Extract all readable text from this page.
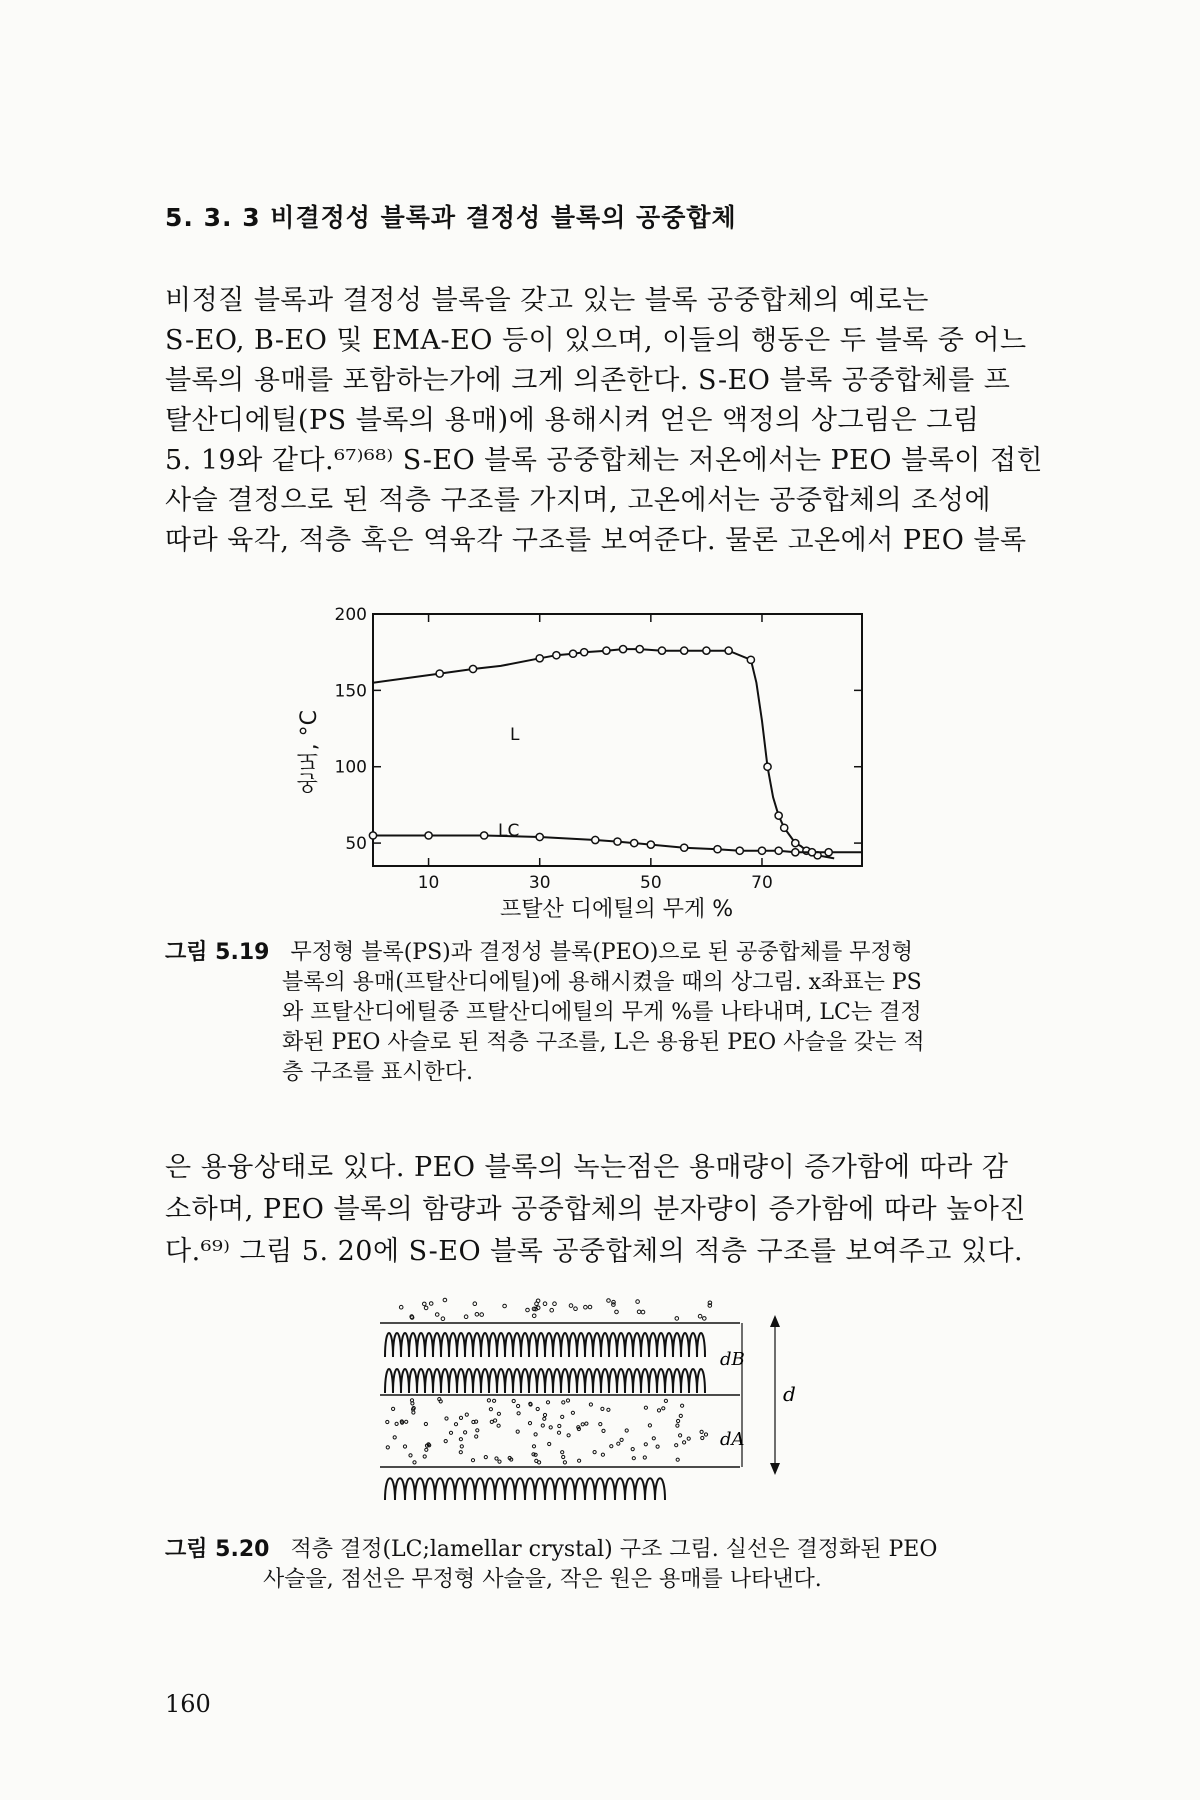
5. 3. 3 비결정성 블록과 결정성 블록의 공중합체
비정질 블록과 결정성 블록을 갖고 있는 블록 공중합체의 예로는
S-EO, B-EO 및 EMA-EO 등이 있으며, 이들의 행동은 두 블록 중 어느
블록의 용매를 포함하는가에 크게 의존한다. S-EO 블록 공중합체를 프
탈산디에틸(PS 블록의 용매)에 용해시켜 얻은 액정의 상그림은 그림
5. 19와 같다.⁶⁷⁾⁶⁸⁾ S-EO 블록 공중합체는 저온에서는 PEO 블록이 접힌
사슬 결정으로 된 적층 구조를 가지며, 고온에서는 공중합체의 조성에
따라 육각, 적층 혹은 역육각 구조를 보여준다. 물론 고온에서 PEO 블록
10	30	50	70
50
100
150
200
L
LC
온도, °C
프탈산 디에틸의 무게 %
그림 5.19 무정형 블록(PS)과 결정성 블록(PEO)으로 된 공중합체를 무정형
블록의 용매(프탈산디에틸)에 용해시켰을 때의 상그림. x좌표는 PS
와 프탈산디에틸중 프탈산디에틸의 무게 %를 나타내며, LC는 결정
화된 PEO 사슬로 된 적층 구조를, L은 용융된 PEO 사슬을 갖는 적
층 구조를 표시한다.
은 용융상태로 있다. PEO 블록의 녹는점은 용매량이 증가함에 따라 감
소하며, PEO 블록의 함량과 공중합체의 분자량이 증가함에 따라 높아진
다.⁶⁹⁾ 그림 5. 20에 S-EO 블록 공중합체의 적층 구조를 보여주고 있다.
dB
dA
d
그림 5.20 적층 결정(LC;lamellar crystal) 구조 그림. 실선은 결정화된 PEO
사슬을, 점선은 무정형 사슬을, 작은 원은 용매를 나타낸다.
160
